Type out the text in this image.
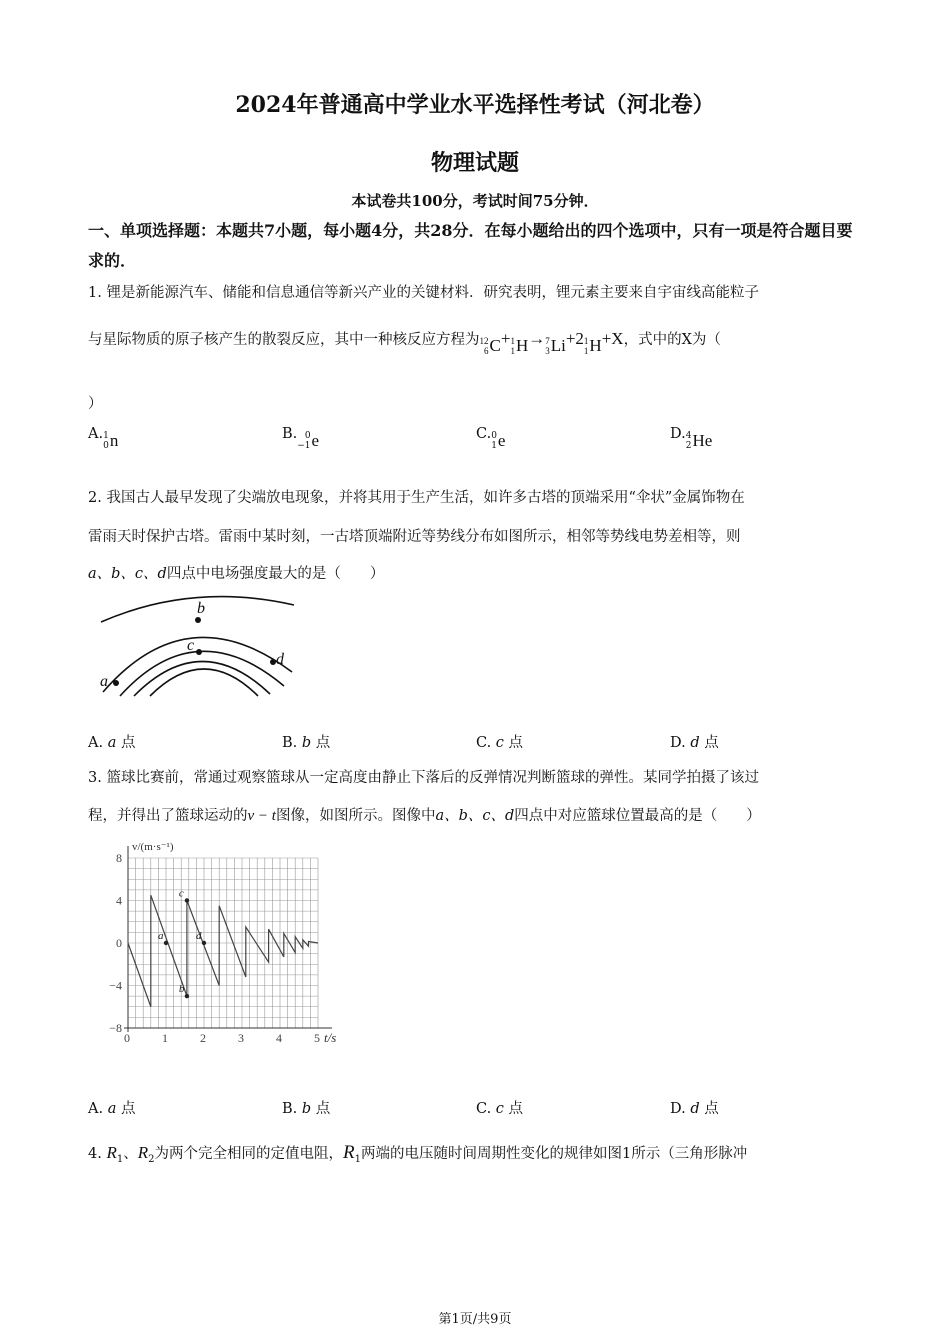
2024年普通高中学业水平选择性考试（河北卷）
物理试题
本试卷共100分，考试时间75分钟．
一、单项选择题：本题共7小题，每小题4分，共28分．在每小题给出的四个选项中，只有一项是符合题目要求的．
1. 锂是新能源汽车、储能和信息通信等新兴产业的关键材料．研究表明，锂元素主要来自宇宙线高能粒子
与星际物质的原子核产生的散裂反应，其中一种核反应方程为 12
6 C + 1
1 H → 7
3 Li +2 1
1 H +X，式中的X为（
）
A. 1
0 n	B. 0
−1 e	C. 0
1 e	D. 4
2 He
2. 我国古人最早发现了尖端放电现象，并将其用于生产生活，如许多古塔的顶端采用“伞状”金属饰物在
雷雨天时保护古塔。雷雨中某时刻，一古塔顶端附近等势线分布如图所示，相邻等势线电势差相等，则
a、b、c、d四点中电场强度最大的是（　　）
a
b
c
d
A. a 点	B. b 点	C. c 点	D. d 点
3. 篮球比赛前，常通过观察篮球从一定高度由静止下落后的反弹情况判断篮球的弹性。某同学拍摄了该过
程，并得出了篮球运动的v − t图像，如图所示。图像中a、b、c、d四点中对应篮球位置最高的是（　　）
0	1	2	3	4	5
8
4
0
−4
−8
a
b
c
d
v/(m·s⁻¹)
t/s
A. a 点	B. b 点	C. c 点	D. d 点
4. $R_1$、$R_2$为两个完全相同的定值电阻，$R_1$两端的电压随时间周期性变化的规律如图1所示（三角形脉冲
第1页/共9页
